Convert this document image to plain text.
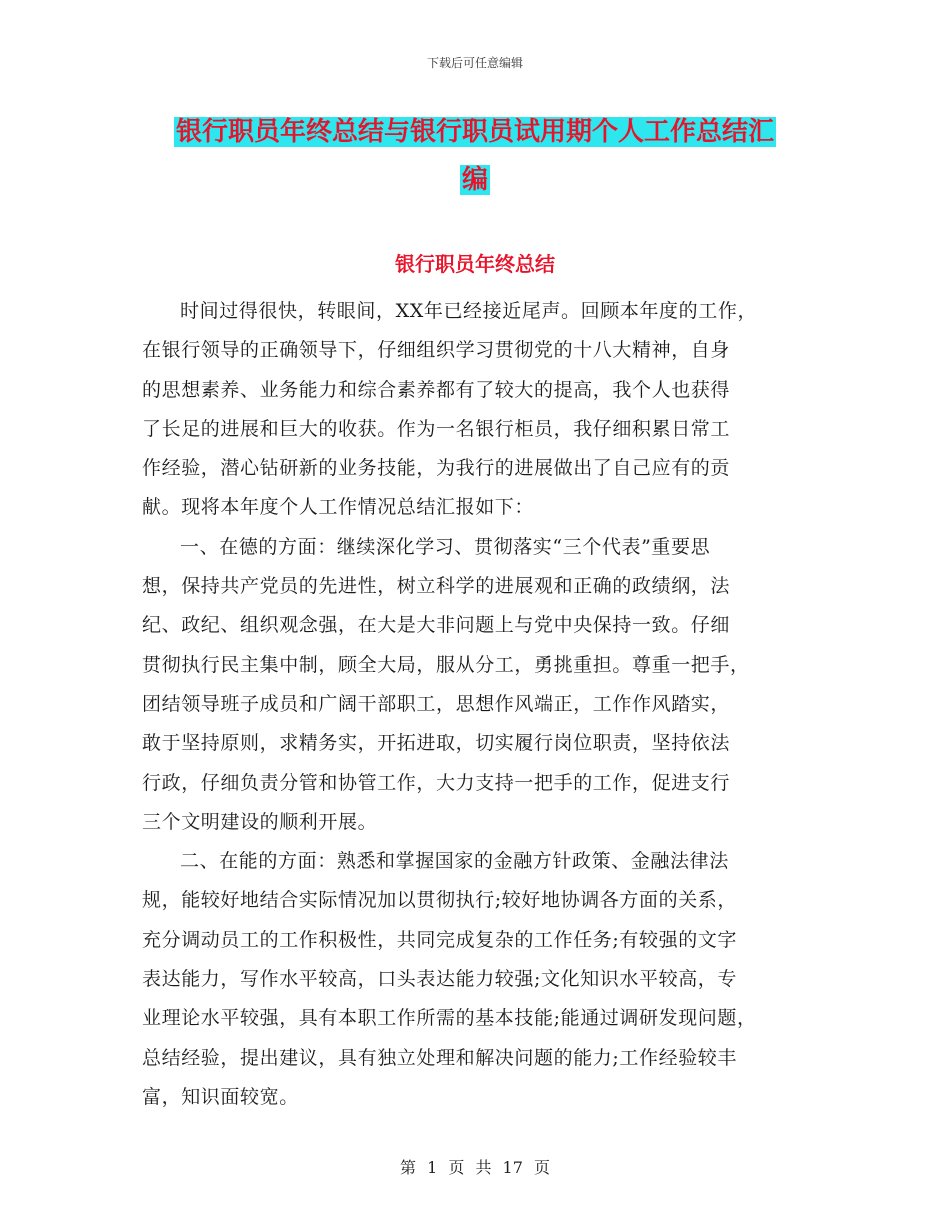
下载后可任意编辑
银行职员年终总结与银行职员试用期个人工作总结汇
编
银行职员年终总结

时间过得很快，转眼间，XX年已经接近尾声。回顾本年度的工作，
在银行领导的正确领导下，仔细组织学习贯彻党的十八大精神，自身
的思想素养、业务能力和综合素养都有了较大的提高，我个人也获得
了长足的进展和巨大的收获。作为一名银行柜员，我仔细积累日常工
作经验，潜心钻研新的业务技能，为我行的进展做出了自己应有的贡
献。现将本年度个人工作情况总结汇报如下：

一、在德的方面：继续深化学习、贯彻落实“三个代表”重要思
想，保持共产党员的先进性，树立科学的进展观和正确的政绩纲，法
纪、政纪、组织观念强，在大是大非问题上与党中央保持一致。仔细
贯彻执行民主集中制，顾全大局，服从分工，勇挑重担。尊重一把手，
团结领导班子成员和广阔干部职工，思想作风端正，工作作风踏实，
敢于坚持原则，求精务实，开拓进取，切实履行岗位职责，坚持依法
行政，仔细负责分管和协管工作，大力支持一把手的工作，促进支行
三个文明建设的顺利开展。

二、在能的方面：熟悉和掌握国家的金融方针政策、金融法律法
规，能较好地结合实际情况加以贯彻执行;较好地协调各方面的关系，
充分调动员工的工作积极性，共同完成复杂的工作任务;有较强的文字
表达能力，写作水平较高，口头表达能力较强;文化知识水平较高，专
业理论水平较强，具有本职工作所需的基本技能;能通过调研发现问题，
总结经验，提出建议，具有独立处理和解决问题的能力;工作经验较丰
富，知识面较宽。

第 1 页 共 17 页
